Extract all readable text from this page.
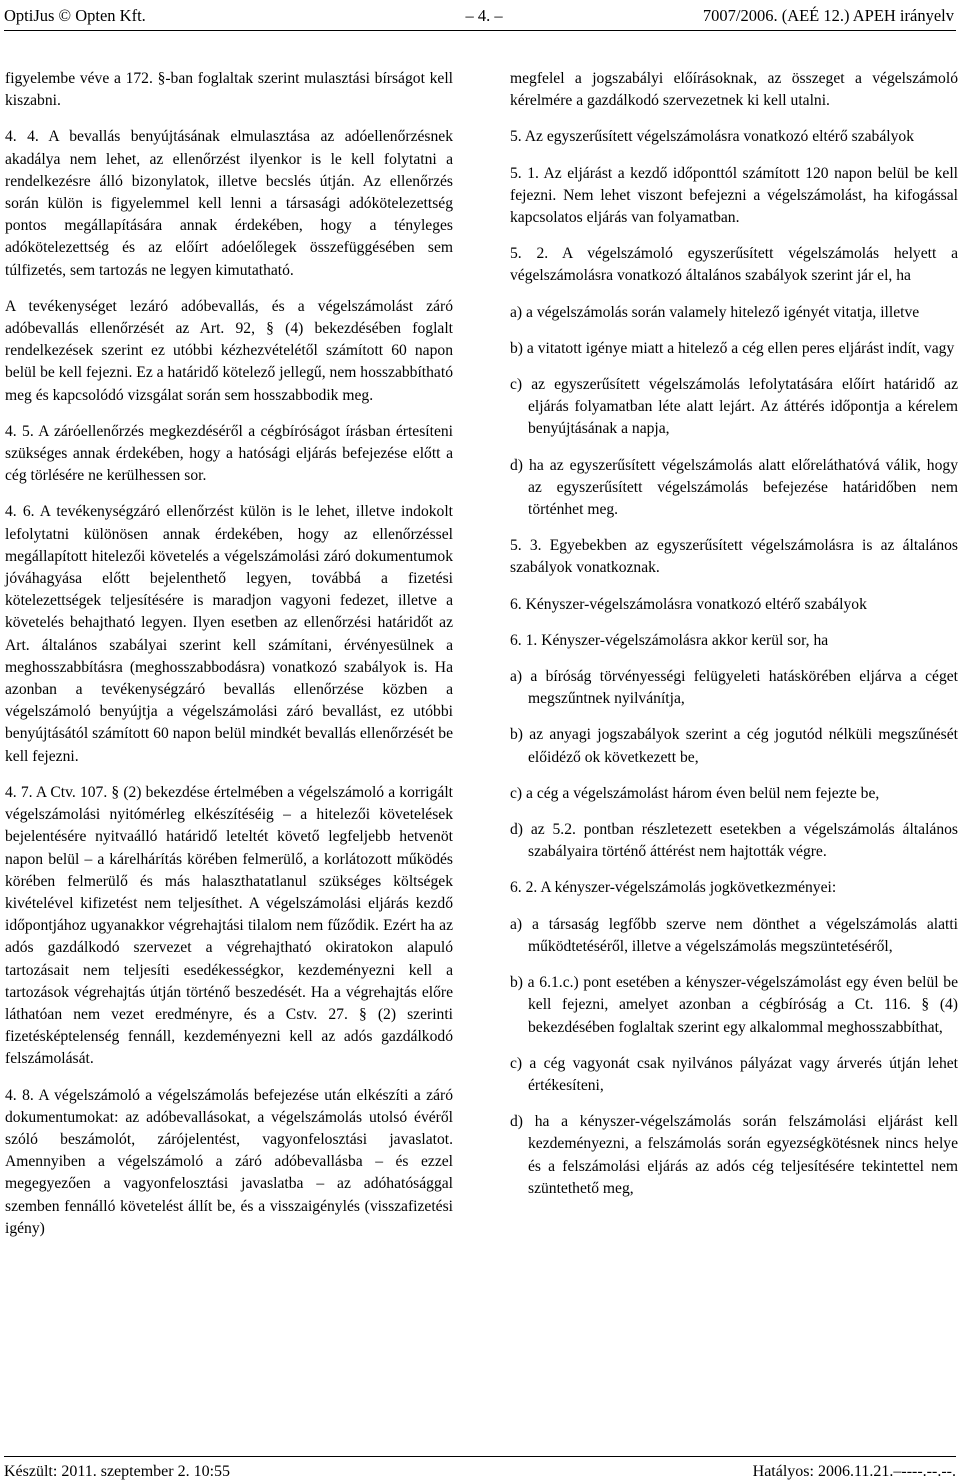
OptiJus © Opten Kft.	– 4. –	7007/2006. (AEÉ 12.) APEH irányelv

figyelembe véve a 172. §-ban foglaltak szerint mulasztási bírságot kell kiszabni.

4. 4. A bevallás benyújtásának elmulasztása az adóellenőrzésnek akadálya nem lehet, az ellenőrzést ilyenkor is le kell folytatni a rendelkezésre álló bizonylatok, illetve becslés útján. Az ellenőrzés során külön is figyelemmel kell lenni a társasági adókötelezettség pontos megállapítására annak érdekében, hogy a tényleges adókötelezettség és az előírt adóelőlegek összefüggésében sem túlfizetés, sem tartozás ne legyen kimutatható.

A tevékenységet lezáró adóbevallás, és a végelszámolást záró adóbevallás ellenőrzését az Art. 92, § (4) bekezdésében foglalt rendelkezések szerint ez utóbbi kézhezvételétől számított 60 napon belül be kell fejezni. Ez a határidő kötelező jellegű, nem hosszabbítható meg és kapcsolódó vizsgálat során sem hosszabbodik meg.

4. 5. A záróellenőrzés megkezdéséről a cégbíróságot írásban értesíteni szükséges annak érdekében, hogy a hatósági eljárás befejezése előtt a cég törlésére ne kerülhessen sor.

4. 6. A tevékenységzáró ellenőrzést külön is le lehet, illetve indokolt lefolytatni különösen annak érdekében, hogy az ellenőrzéssel megállapított hitelezői követelés a végelszámolási záró dokumentumok jóváhagyása előtt bejelenthető legyen, továbbá a fizetési kötelezettségek teljesítésére is maradjon vagyoni fedezet, illetve a követelés behajtható legyen. Ilyen esetben az ellenőrzési határidőt az Art. általános szabályai szerint kell számítani, érvényesülnek a meghosszabbításra (meghosszabbodásra) vonatkozó szabályok is. Ha azonban a tevékenységzáró bevallás ellenőrzése közben a végelszámoló benyújtja a végelszámolási záró bevallást, ez utóbbi benyújtásától számított 60 napon belül mindkét bevallás ellenőrzését be kell fejezni.

4. 7. A Ctv. 107. § (2) bekezdése értelmében a végelszámoló a korrigált végelszámolási nyitómérleg elkészítéséig – a hitelezői követelések bejelentésére nyitvaálló határidő leteltét követő legfeljebb hetvenöt napon belül – a kárelhárítás körében felmerülő, a korlátozott működés körében felmerülő és más halaszthatatlanul szükséges költségek kivételével kifizetést nem teljesíthet. A végelszámolási eljárás kezdő időpontjához ugyanakkor végrehajtási tilalom nem fűződik. Ezért ha az adós gazdálkodó szervezet a végrehajtható okiratokon alapuló tartozásait nem teljesíti esedékességkor, kezdeményezni kell a tartozások végrehajtás útján történő beszedését. Ha a végrehajtás előre láthatóan nem vezet eredményre, és a Cstv. 27. § (2) szerinti fizetésképtelenség fennáll, kezdeményezni kell az adós gazdálkodó felszámolását.

4. 8. A végelszámoló a végelszámolás befejezése után elkészíti a záró dokumentumokat: az adóbevallásokat, a végelszámolás utolsó évéről szóló beszámolót, zárójelentést, vagyonfelosztási javaslatot. Amennyiben a végelszámoló a záró adóbevallásba – és ezzel megegyezően a vagyonfelosztási javaslatba – az adóhatósággal szemben fennálló követelést állít be, és a visszaigénylés (visszafizetési igény)

megfelel a jogszabályi előírásoknak, az összeget a végelszámoló kérelmére a gazdálkodó szervezetnek ki kell utalni.

5. Az egyszerűsített végelszámolásra vonatkozó eltérő szabályok

5. 1. Az eljárást a kezdő időponttól számított 120 napon belül be kell fejezni. Nem lehet viszont befejezni a végelszámolást, ha kifogással kapcsolatos eljárás van folyamatban.

5. 2. A végelszámoló egyszerűsített végelszámolás helyett a végelszámolásra vonatkozó általános szabályok szerint jár el, ha

a) a végelszámolás során valamely hitelező igényét vitatja, illetve

b) a vitatott igénye miatt a hitelező a cég ellen peres eljárást indít, vagy

c) az egyszerűsített végelszámolás lefolytatására előírt határidő az eljárás folyamatban léte alatt lejárt. Az áttérés időpontja a kérelem benyújtásának a napja,

d) ha az egyszerűsített végelszámolás alatt előreláthatóvá válik, hogy az egyszerűsített végelszámolás befejezése határidőben nem történhet meg.

5. 3. Egyebekben az egyszerűsített végelszámolásra is az általános szabályok vonatkoznak.

6. Kényszer-végelszámolásra vonatkozó eltérő szabályok

6. 1. Kényszer-végelszámolásra akkor kerül sor, ha

a) a bíróság törvényességi felügyeleti hatáskörében eljárva a céget megszűntnek nyilvánítja,

b) az anyagi jogszabályok szerint a cég jogutód nélküli megszűnését előidéző ok következett be,

c) a cég a végelszámolást három éven belül nem fejezte be,

d) az 5.2. pontban részletezett esetekben a végelszámolás általános szabályaira történő áttérést nem hajtották végre.

6. 2. A kényszer-végelszámolás jogkövetkezményei:

a) a társaság legfőbb szerve nem dönthet a végelszámolás alatti működtetéséről, illetve a végelszámolás megszüntetéséről,

b) a 6.1.c.) pont esetében a kényszer-végelszámolást egy éven belül be kell fejezni, amelyet azonban a cégbíróság a Ct. 116. § (4) bekezdésében foglaltak szerint egy alkalommal meghosszabbíthat,

c) a cég vagyonát csak nyilvános pályázat vagy árverés útján lehet értékesíteni,

d) ha a kényszer-végelszámolás során felszámolási eljárást kell kezdeményezni, a felszámolás során egyezségkötésnek nincs helye és a felszámolási eljárás az adós cég teljesítésére tekintettel nem szüntethető meg,

Készült: 2011. szeptember 2. 10:55	Hatályos: 2006.11.21.–----.--.--.
